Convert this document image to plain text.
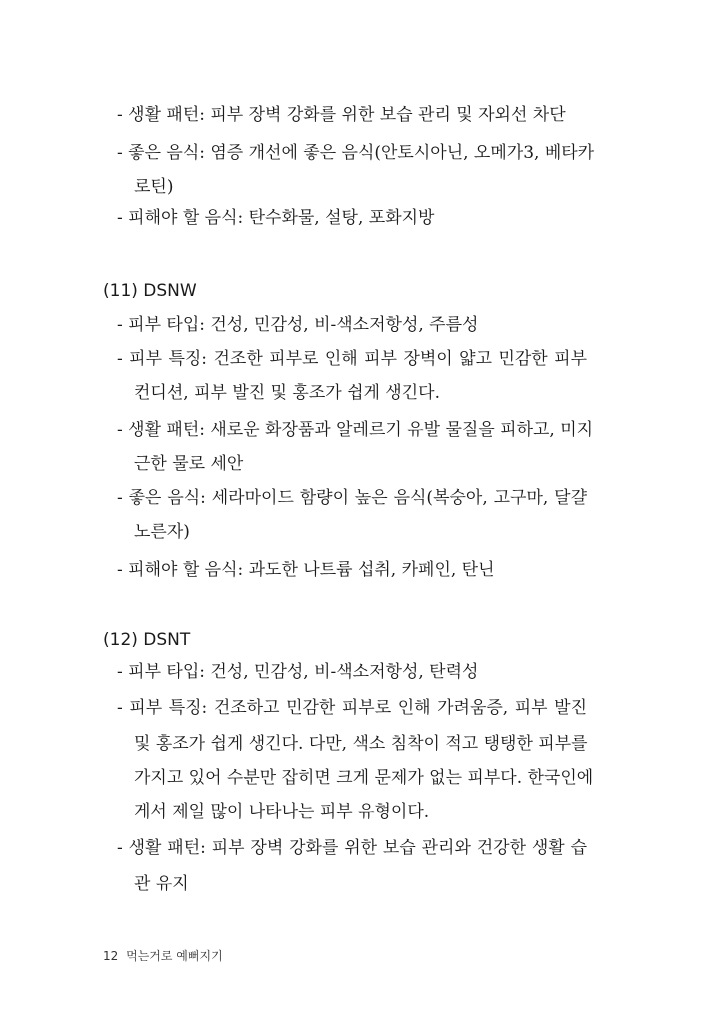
- 생활 패턴: 피부 장벽 강화를 위한 보습 관리 및 자외선 차단
- 좋은 음식: 염증 개선에 좋은 음식(안토시아닌, 오메가3, 베타카
로틴)
- 피해야 할 음식: 탄수화물, 설탕, 포화지방
(11) DSNW
- 피부 타입: 건성, 민감성, 비-색소저항성, 주름성
- 피부 특징: 건조한 피부로 인해 피부 장벽이 얇고 민감한 피부
컨디션, 피부 발진 및 홍조가 쉽게 생긴다.
- 생활 패턴: 새로운 화장품과 알레르기 유발 물질을 피하고, 미지
근한 물로 세안
- 좋은 음식: 세라마이드 함량이 높은 음식(복숭아, 고구마, 달걀
노른자)
- 피해야 할 음식: 과도한 나트륨 섭취, 카페인, 탄닌
(12) DSNT
- 피부 타입: 건성, 민감성, 비-색소저항성, 탄력성
- 피부 특징: 건조하고 민감한 피부로 인해 가려움증, 피부 발진
및 홍조가 쉽게 생긴다. 다만, 색소 침착이 적고 탱탱한 피부를
가지고 있어 수분만 잡히면 크게 문제가 없는 피부다. 한국인에
게서 제일 많이 나타나는 피부 유형이다.
- 생활 패턴: 피부 장벽 강화를 위한 보습 관리와 건강한 생활 습
관 유지
12 먹는거로 예뻐지기
